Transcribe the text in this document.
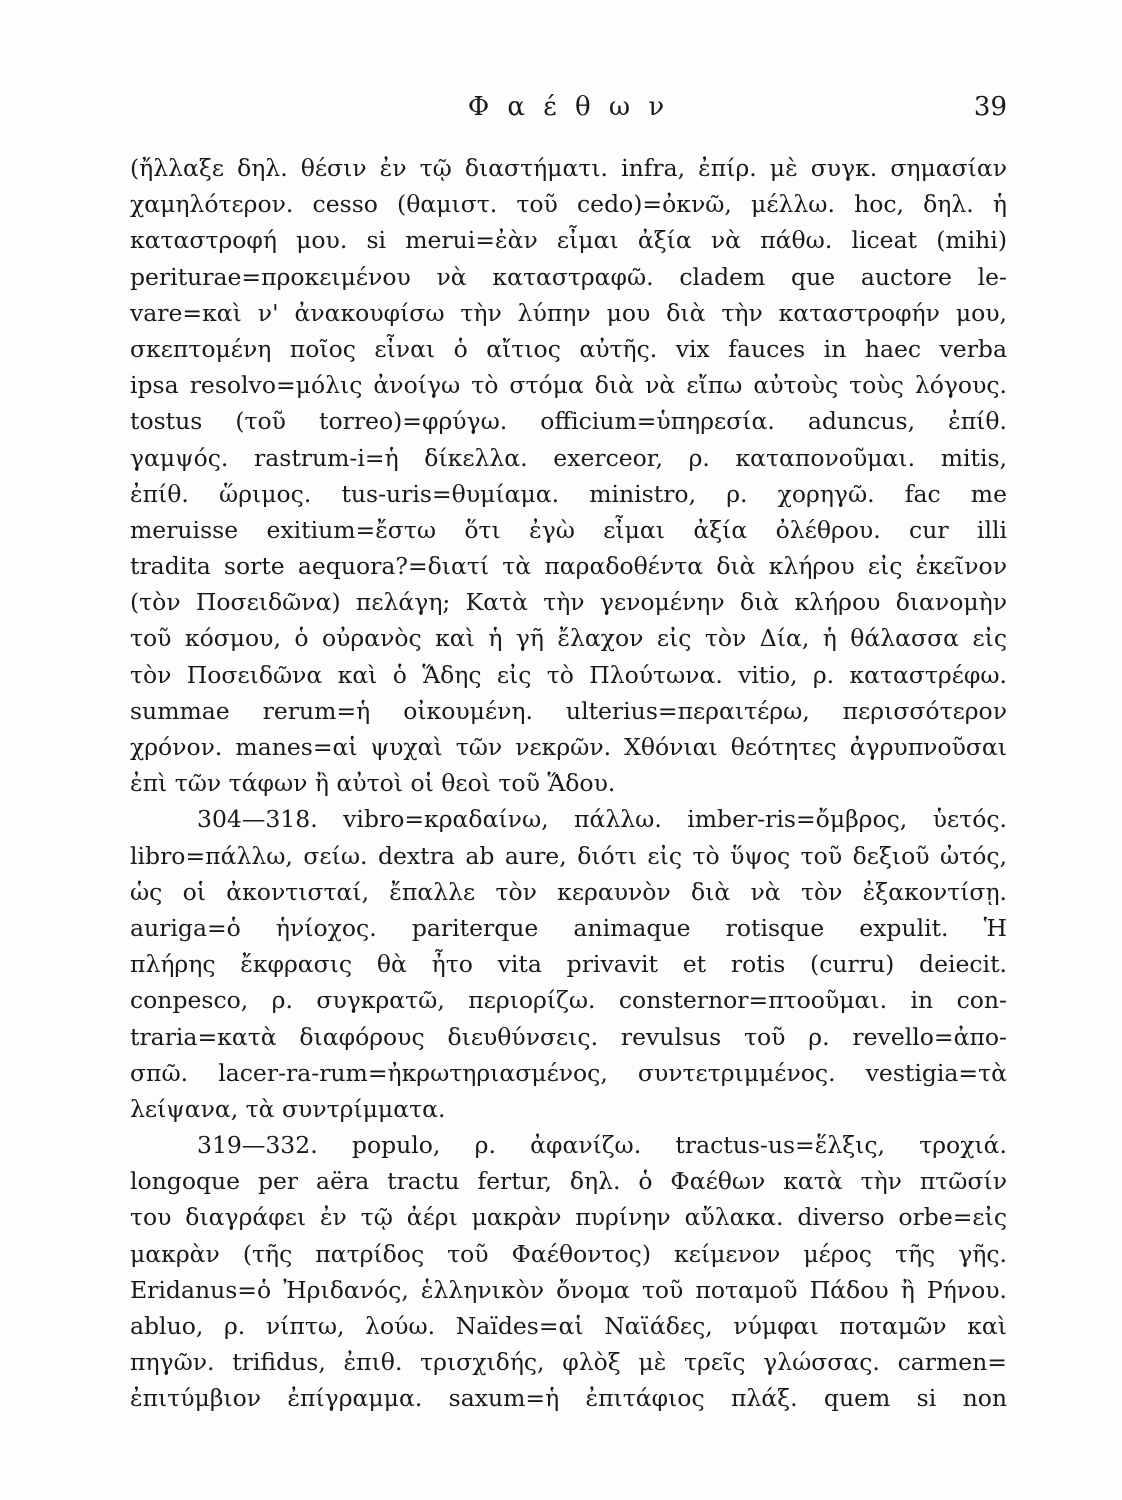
Φ α έ θ ω ν	39
(ἤλλαξε δηλ. θέσιν ἐν τῷ διαστήματι. infra, ἐπίρ. μὲ συγκ. σημασίαν
χαμηλότερον. cesso (θαμιστ. τοῦ cedo)=ὀκνῶ, μέλλω. hoc, δηλ. ἡ
καταστροφή μου. si merui=ἐὰν εἶμαι ἀξία νὰ πάθω. liceat (mihi)
periturae=προκειμένου νὰ καταστραφῶ. cladem que auctore le-
vare=καὶ ν' ἀνακουφίσω τὴν λύπην μου διὰ τὴν καταστροφήν μου,
σκεπτομένη ποῖος εἶναι ὁ αἴτιος αὐτῆς. vix fauces in haec verba
ipsa resolvo=μόλις ἀνοίγω τὸ στόμα διὰ νὰ εἴπω αὐτοὺς τοὺς λόγους.
tostus (τοῦ torreo)=φρύγω. officium=ὑπηρεσία. aduncus, ἐπίθ.
γαμψός. rastrum-i=ἡ δίκελλα. exerceor, ρ. καταπονοῦμαι. mitis,
ἐπίθ. ὥριμος. tus-uris=θυμίαμα. ministro, ρ. χορηγῶ. fac me
meruisse exitium=ἔστω ὅτι ἐγὼ εἶμαι ἀξία ὀλέθρου. cur illi
tradita sorte aequora?=διατί τὰ παραδοθέντα διὰ κλήρου εἰς ἐκεῖνον
(τὸν Ποσειδῶνα) πελάγη; Κατὰ τὴν γενομένην διὰ κλήρου διανομὴν
τοῦ κόσμου, ὁ οὐρανὸς καὶ ἡ γῆ ἔλαχον εἰς τὸν Δία, ἡ θάλασσα εἰς
τὸν Ποσειδῶνα καὶ ὁ Ἅδης εἰς τὸ Πλούτωνα. vitio, ρ. καταστρέφω.
summae rerum=ἡ οἰκουμένη. ulterius=περαιτέρω, περισσότερον
χρόνον. manes=αἱ ψυχαὶ τῶν νεκρῶν. Χθόνιαι θεότητες ἀγρυπνοῦσαι
ἐπὶ τῶν τάφων ἢ αὐτοὶ οἱ θεοὶ τοῦ Ἅδου.
304—318. vibro=κραδαίνω, πάλλω. imber-ris=ὄμβρος, ὑετός.
libro=πάλλω, σείω. dextra ab aure, διότι εἰς τὸ ὕψος τοῦ δεξιοῦ ὠτός,
ὡς οἱ ἀκοντισταί, ἔπαλλε τὸν κεραυνὸν διὰ νὰ τὸν ἐξακοντίσῃ.
auriga=ὁ ἡνίοχος. pariterque animaque rotisque expulit. Ἡ
πλήρης ἔκφρασις θὰ ἦτο vita privavit et rotis (curru) deiecit.
conpesco, ρ. συγκρατῶ, περιορίζω. consternor=πτοοῦμαι. in con-
traria=κατὰ διαφόρους διευθύνσεις. revulsus τοῦ ρ. revello=ἀπο-
σπῶ. lacer-ra-rum=ἠκρωτηριασμένος, συντετριμμένος. vestigia=τὰ
λείψανα, τὰ συντρίμματα.
319—332. populo, ρ. ἀφανίζω. tractus-us=ἕλξις, τροχιά.
longoque per aëra tractu fertur, δηλ. ὁ Φαέθων κατὰ τὴν πτῶσίν
του διαγράφει ἐν τῷ ἀέρι μακρὰν πυρίνην αὔλακα. diverso orbe=εἰς
μακρὰν (τῆς πατρίδος τοῦ Φαέθοντος) κείμενον μέρος τῆς γῆς.
Eridanus=ὁ Ἠριδανός, ἑλληνικὸν ὄνομα τοῦ ποταμοῦ Πάδου ἢ Ρήνου.
abluo, ρ. νίπτω, λούω. Naïdes=αἱ Ναϊάδες, νύμφαι ποταμῶν καὶ
πηγῶν. trifidus, ἐπιθ. τρισχιδής, φλὸξ μὲ τρεῖς γλώσσας. carmen=
ἐπιτύμβιον ἐπίγραμμα. saxum=ἡ ἐπιτάφιος πλάξ. quem si non
